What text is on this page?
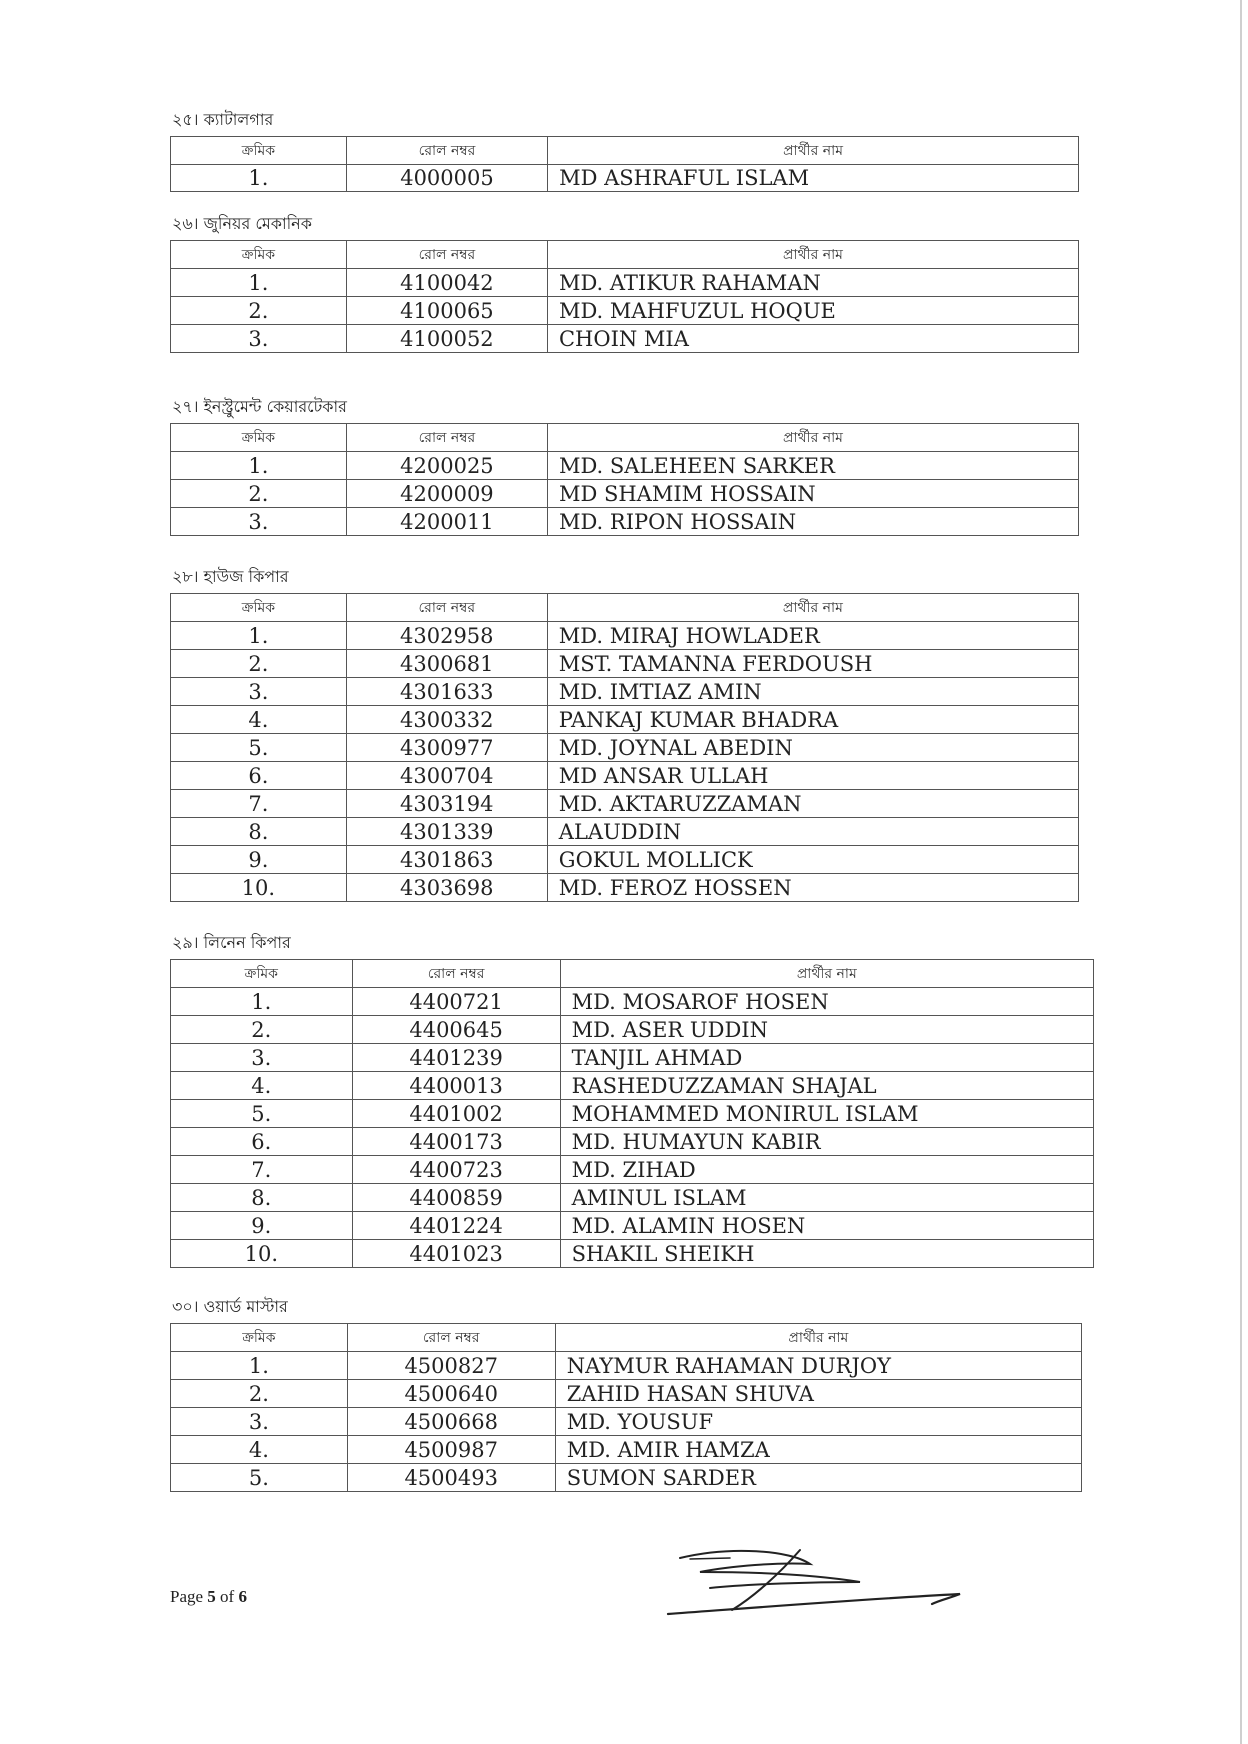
২৫। ক্যাটালগার
ক্রমিক	রোল নম্বর	প্রার্থীর নাম
1.	4000005	MD ASHRAFUL ISLAM
২৬। জুনিয়র মেকানিক
ক্রমিক	রোল নম্বর	প্রার্থীর নাম
1.	4100042	MD. ATIKUR RAHAMAN
2.	4100065	MD. MAHFUZUL HOQUE
3.	4100052	CHOIN MIA
২৭। ইনস্ট্রুমেন্ট কেয়ারটেকার
ক্রমিক	রোল নম্বর	প্রার্থীর নাম
1.	4200025	MD. SALEHEEN SARKER
2.	4200009	MD SHAMIM HOSSAIN
3.	4200011	MD. RIPON HOSSAIN
২৮। হাউজ কিপার
ক্রমিক	রোল নম্বর	প্রার্থীর নাম
1.	4302958	MD. MIRAJ HOWLADER
2.	4300681	MST. TAMANNA FERDOUSH
3.	4301633	MD. IMTIAZ AMIN
4.	4300332	PANKAJ KUMAR BHADRA
5.	4300977	MD. JOYNAL ABEDIN
6.	4300704	MD ANSAR ULLAH
7.	4303194	MD. AKTARUZZAMAN
8.	4301339	ALAUDDIN
9.	4301863	GOKUL MOLLICK
10.	4303698	MD. FEROZ HOSSEN
২৯। লিনেন কিপার
ক্রমিক	রোল নম্বর	প্রার্থীর নাম
1.	4400721	MD. MOSAROF HOSEN
2.	4400645	MD. ASER UDDIN
3.	4401239	TANJIL AHMAD
4.	4400013	RASHEDUZZAMAN SHAJAL
5.	4401002	MOHAMMED MONIRUL ISLAM
6.	4400173	MD. HUMAYUN KABIR
7.	4400723	MD. ZIHAD
8.	4400859	AMINUL ISLAM
9.	4401224	MD. ALAMIN HOSEN
10.	4401023	SHAKIL SHEIKH
৩০। ওয়ার্ড মাস্টার
ক্রমিক	রোল নম্বর	প্রার্থীর নাম
1.	4500827	NAYMUR RAHAMAN DURJOY
2.	4500640	ZAHID HASAN SHUVA
3.	4500668	MD. YOUSUF
4.	4500987	MD. AMIR HAMZA
5.	4500493	SUMON SARDER
Page 5 of 6
